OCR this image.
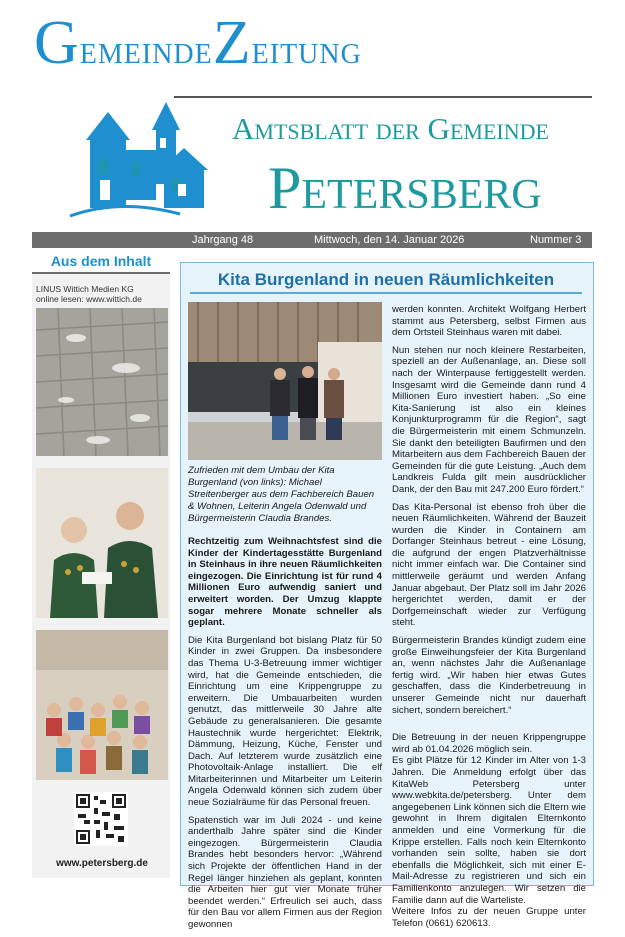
GemeindeZeitung
Amtsblatt der Gemeinde
Petersberg
Jahrgang 48	Mittwoch, den 14. Januar 2026	Nummer 3
Aus dem Inhalt
LINUS Wittich Medien KG
online lesen: www.wittich.de
www.petersberg.de
Kita Burgenland in neuen Räumlichkeiten
Zufrieden mit dem Umbau der Kita Burgenland (von links): Michael Streitenberger aus dem Fachbereich Bauen & Wohnen, Leiterin Angela Odenwald und Bürgermeisterin Claudia Brandes.

Rechtzeitig zum Weihnachtsfest sind die Kinder der Kindertagesstätte Burgenland in Steinhaus in ihre neuen Räumlichkeiten eingezogen. Die Einrichtung ist für rund 4 Millionen Euro aufwendig saniert und erweitert worden. Der Umzug klappte sogar mehrere Monate schneller als geplant.

Die Kita Burgenland bot bislang Platz für 50 Kinder in zwei Gruppen. Da insbesondere das Thema U-3-Betreuung immer wichtiger wird, hat die Gemeinde entschieden, die Einrichtung um eine Krippengruppe zu erweitern. Die Umbauarbeiten wurden genutzt, das mittlerweile 30 Jahre alte Gebäude zu generalsanieren. Die gesamte Haustechnik wurde hergerichtet: Elektrik, Dämmung, Heizung, Küche, Fenster und Dach. Auf letzterem wurde zusätzlich eine Photovoltaik-Anlage installiert. Die elf Mitarbeiterinnen und Mitarbeiter um Leiterin Angela Odenwald können sich zudem über neue Sozialräume für das Personal freuen.

Spatenstich war im Juli 2024 - und keine anderthalb Jahre später sind die Kinder eingezogen. Bürgermeisterin Claudia Brandes hebt besonders hervor: „Während sich Projekte der öffentlichen Hand in der Regel länger hinziehen als geplant, konnten die Arbeiten hier gut vier Monate früher beendet werden.“ Erfreulich sei auch, dass für den Bau vor allem Firmen aus der Region gewonnen

werden konnten. Architekt Wolfgang Herbert stammt aus Petersberg, selbst Firmen aus dem Ortsteil Steinhaus waren mit dabei.

Nun stehen nur noch kleinere Restarbeiten, speziell an der Außenanlage, an. Diese soll nach der Winterpause fertiggestellt werden. Insgesamt wird die Gemeinde dann rund 4 Millionen Euro investiert haben. „So eine Kita-Sanierung ist also ein kleines Konjunkturprogramm für die Region“, sagt die Bürgermeisterin mit einem Schmunzeln. Sie dankt den beteiligten Baufirmen und den Mitarbeitern aus dem Fachbereich Bauen der Gemeinden für die gute Leistung. „Auch dem Landkreis Fulda gilt mein ausdrücklicher Dank, der den Bau mit 247.200 Euro fördert.“

Das Kita-Personal ist ebenso froh über die neuen Räumlichkeiten. Während der Bauzeit wurden die Kinder in Containern am Dorfanger Steinhaus betreut - eine Lösung, die aufgrund der engen Platzverhältnisse nicht immer einfach war. Die Container sind mittlerweile geräumt und werden Anfang Januar abgebaut. Der Platz soll im Jahr 2026 hergerichtet werden, damit er der Dorfgemeinschaft wieder zur Verfügung steht.

Bürgermeisterin Brandes kündigt zudem eine große Einweihungsfeier der Kita Burgenland an, wenn nächstes Jahr die Außenanlage fertig wird. „Wir haben hier etwas Gutes geschaffen, dass die Kinderbetreuung in unserer Gemeinde nicht nur dauerhaft sichert, sondern bereichert.“

Die Betreuung in der neuen Krippengruppe wird ab 01.04.2026 möglich sein.

Es gibt Plätze für 12 Kinder im Alter von 1-3 Jahren. Die Anmeldung erfolgt über das KitaWeb Petersberg unter www.webkita.de/petersberg. Unter dem angegebenen Link können sich die Eltern wie gewohnt in Ihrem digitalen Elternkonto anmelden und eine Vormerkung für die Krippe erstellen. Falls noch kein Elternkonto vorhanden sein sollte, haben sie dort ebenfalls die Möglichkeit, sich mit einer E-Mail-Adresse zu registrieren und sich ein Familienkonto anzulegen. Wir setzen die Familie dann auf die Warteliste.

Weitere Infos zu der neuen Gruppe unter Telefon (0661) 620613.
